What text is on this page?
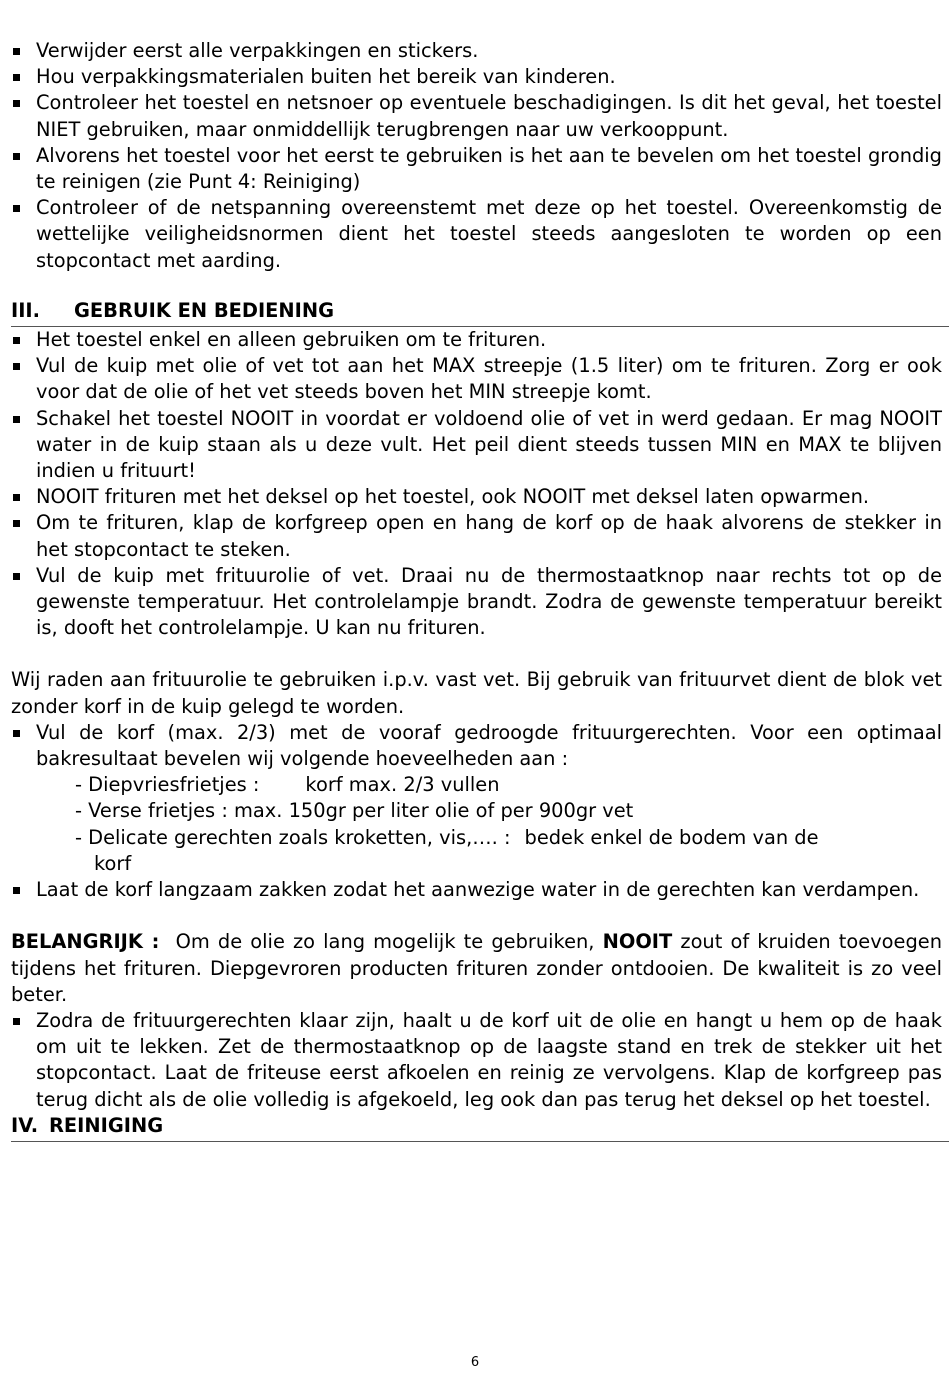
Verwijder eerst alle verpakkingen en stickers.
Hou verpakkingsmaterialen buiten het bereik van kinderen.
Controleer het toestel en netsnoer op eventuele beschadigingen. Is dit het geval, het toestel NIET gebruiken, maar onmiddellijk terugbrengen naar uw verkooppunt.
Alvorens het toestel voor het eerst te gebruiken is het aan te bevelen om het toestel grondig te reinigen (zie Punt 4: Reiniging)
Controleer of de netspanning overeenstemt met deze op het toestel. Overeenkomstig de wettelijke veiligheidsnormen dient het toestel steeds aangesloten te worden op een stopcontact met aarding.
III. GEBRUIK EN BEDIENING
Het toestel enkel en alleen gebruiken om te frituren.
Vul de kuip met olie of vet tot aan het MAX streepje (1.5 liter) om te frituren. Zorg er ook voor dat de olie of het vet steeds boven het MIN streepje komt.
Schakel het toestel NOOIT in voordat er voldoend olie of vet in werd gedaan. Er mag NOOIT water in de kuip staan als u deze vult. Het peil dient steeds tussen MIN en MAX te blijven indien u frituurt!
NOOIT frituren met het deksel op het toestel, ook NOOIT met deksel laten opwarmen.
Om te frituren, klap de korfgreep open en hang de korf op de haak alvorens de stekker in het stopcontact te steken.
Vul de kuip met frituurolie of vet. Draai nu de thermostaatknop naar rechts tot op de gewenste temperatuur. Het controlelampje brandt. Zodra de gewenste temperatuur bereikt is, dooft het controlelampje. U kan nu frituren.

Wij raden aan frituurolie te gebruiken i.p.v. vast vet. Bij gebruik van frituurvet dient de blok vet zonder korf in de kuip gelegd te worden.

Vul de korf (max. 2/3) met de vooraf gedroogde frituurgerechten. Voor een optimaal bakresultaat bevelen wij volgende hoeveelheden aan :
- Diepvriesfrietjes : korf max. 2/3 vullen
- Verse frietjes : max. 150gr per liter olie of per 900gr vet
- Delicate gerechten zoals kroketten, vis,…. : bedek enkel de bodem van de
korf
Laat de korf langzaam zakken zodat het aanwezige water in de gerechten kan verdampen.

BELANGRIJK : Om de olie zo lang mogelijk te gebruiken, NOOIT zout of kruiden toevoegen tijdens het frituren. Diepgevroren producten frituren zonder ontdooien. De kwaliteit is zo veel beter.

Zodra de frituurgerechten klaar zijn, haalt u de korf uit de olie en hangt u hem op de haak om uit te lekken. Zet de thermostaatknop op de laagste stand en trek de stekker uit het stopcontact. Laat de friteuse eerst afkoelen en reinig ze vervolgens. Klap de korfgreep pas terug dicht als de olie volledig is afgekoeld, leg ook dan pas terug het deksel op het toestel.
IV. REINIGING
6
